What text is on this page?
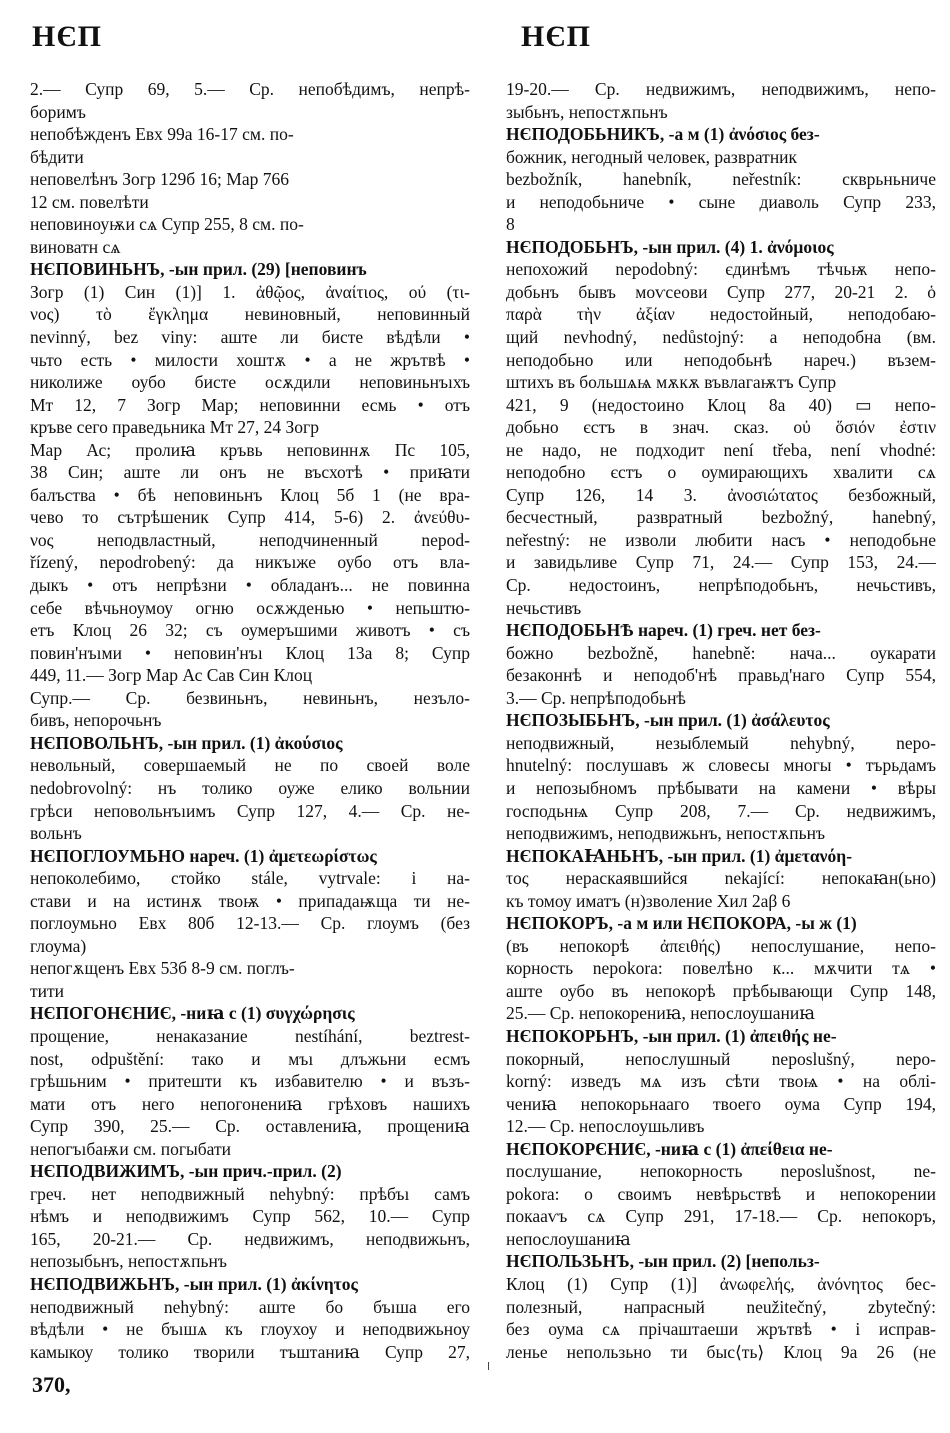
НЄП	НЄП
2.— Супр 69, 5.— Ср. непобѣдимъ, непрѣ-
боримъ
непобѣжденъ Евх 99а 16-17 см. по-
бѣдити
неповелѣнъ Зогр 129б 16; Мар 766
12 см. повелѣти
неповиноуѭи сѧ Супр 255, 8 см. по-
виноватн сѧ
НЄПОВИНЬНЪ, -ын прил. (29) [неповинъ
Зогр (1) Син (1)] 1. ἀθῷος, ἀναίτιος, ού (τι-
νος) τὸ ἔγκλημα невиновный, неповинный
nevinný, bez viny: аште ли бисте вѣдѣли •
чьто есть • милости хоштѫ • а не жрътвѣ •
николиже оубо бисте осѫдили неповиньнъıхъ
Мт 12, 7 Зогр Мар; неповинни есмь • отъ
кръве сего праведьника Мт 27, 24 Зогр
Мар Ас; пролиꙗ кръвь неповиннѫ Пс 105,
38 Син; аште ли онъ не въсхотѣ • приꙗти
балъства • бѣ неповиньнъ Клоц 5б 1 (не вра-
чево то сътрѣшеник Супр 414, 5-6) 2. ἀνεύθυ-
νος неподвластный, неподчиненный nepod-
řízený, nepodrobený: да никъıже оубо отъ вла-
дыкъ • отъ непрѣзни • обладанъ... не повинна
себе вѣчьноумоу огню осѫжденью • непьштю-
етъ Клоц 26 32; съ оумеръшими животъ • съ
повин'нъıми • неповин'нъı Клоц 13а 8; Супр
449, 11.— Зогр Мар Ас Сав Син Клоц
Супр.— Ср. безвиньнъ, невиньнъ, незъло-
бивъ, непорочьнъ
НЄПОВОЛЬНЪ, -ын прил. (1) ἀκούσιος
невольный, совершаемый не по своей воле
nedobrovolný: нъ толико оуже елико вольнии
грѣси неповольнъıимъ Супр 127, 4.— Ср. не-
вольнъ
НЄПОГЛОУМЬНО нареч. (1) ἀμετεωρίστως
непоколебимо, стойко stále, vytrvale: і на-
стави и на истинѫ твоѭ • припадаѭща ти не-
поглоумьно Евх 80б 12-13.— Ср. глоумъ (без
глоума)
непогѫщенъ Евх 53б 8-9 см. поглъ-
тити
НЄПОГОНЄНИЄ, -ниꙗ с (1) συγχώρησις
прощение, ненаказание nestíhání, beztrest-
nost, odpuštění: тако и мъı длъжьни есмъ
грѣшьним • притешти къ избавителю • и възъ-
мати отъ него непогонениꙗ грѣховъ нашихъ
Супр 390, 25.— Ср. оставлениꙗ, прощениꙗ
непогъıбаѭи см. погыбати
НЄПОДВИЖИМЪ, -ын прич.-прил. (2)
греч. нет неподвижный nehybný: прѣбъı самъ
нѣмъ и неподвижимъ Супр 562, 10.— Супр
165, 20-21.— Ср. недвижимъ, неподвижьнъ,
непозыбьнъ, непостѫпьнъ
НЄПОДВИЖЬНЪ, -ын прил. (1) ἀκίνητος
неподвижный nehybný: аште бо бъıша его
вѣдѣли • не бъıшѧ къ глоухоу и неподвижьноу
камыкоу толико творили тъштаниꙗ Супр 27,
19-20.— Ср. недвижимъ, неподвижимъ, непо-
зыбьнъ, непостѫпьнъ
НЄПОДОБЬНИКЪ, -а м (1) ἀνόσιος без-
божник, негодный человек, развратник
bezbožník, hanebník, neřestník: скврьньниче
и неподобьниче • сыне диаволь Супр 233,
8
НЄПОДОБЬНЪ, -ын прил. (4) 1. ἀνόμοιος
непохожий nepodobný: єдинѣмъ тѣчьѭ непо-
добьнъ бывъ моѵсеови Супр 277, 20-21 2. ὁ
παρὰ τὴν ἀξίαν недостойный, неподобаю-
щий nevhodný, nedůstojný: а неподобна (вм.
неподобьно или неподобьнѣ нареч.) възем-
штихъ въ большѧѩ мѫкѫ въвлагаѭтъ Супр
421, 9 (недостоино Клоц 8а 40) ▭ непо-
добьно єстъ в знач. сказ. οὐ ὅσιόν ἐστιν
не надо, не подходит není třeba, není vhodné:
неподобно єстъ о оумирающихъ хвалити сѧ
Супр 126, 14 3. ἀνοσιώτατος безбожный,
бесчестный, развратный bezbožný, hanebný,
neřestný: не изволи любити насъ • неподобьне
и завидьливе Супр 71, 24.— Супр 153, 24.—
Ср. недостоинъ, непрѣподобьнъ, нечьстивъ,
нечьстивъ
НЄПОДОБЬНѢ нареч. (1) греч. нет без-
божно bezbožně, hanebně: нача... оукарати
безаконнѣ и неподоб'нѣ правьд'наго Супр 554,
3.— Ср. непрѣподобьнѣ
НЄПОЗЫБЬНЪ, -ын прил. (1) ἀσάλευτος
неподвижный, незыблемый nehybný, nepo-
hnutelný: послушавъ ж словесы многы • търьдамъ
и непозыбномъ прѣбывати на камени • вѣры
господьнѩ Супр 208, 7.— Ср. недвижимъ,
неподвижимъ, неподвижьнъ, непостѫпьнъ
НЄПОКАꙖНЬНЪ, -ын прил. (1) ἀμετανόη-
τος нераскаявшийся nekající: непокаꙗн(ьно)
къ томоу иматъ (н)зволение Хил 2аβ 6
НЄПОКОРЪ, -а м или НЄПОКОРА, -ы ж (1)
(въ непокорѣ ἀπειθής) непослушание, непо-
корность nepokora: повелѣно к... мѫчити тѧ •
аште оубо въ непокорѣ прѣбывающи Супр 148,
25.— Ср. непокорениꙗ, непослоушаниꙗ
НЄПОКОРЬНЪ, -ын прил. (1) ἀπειθής не-
покорный, непослушный neposlušný, nepo-
korný: изведъ мѧ изъ сѣти твоѩ • на облi-
чениꙗ непокорьнааго твоего оума Супр 194,
12.— Ср. непослоушьливъ
НЄПОКОРЄНИЄ, -ниꙗ с (1) ἀπείθεια не-
послушание, непокорность neposlušnost, ne-
pokora: о своимъ невѣрьствѣ и непокорении
покааѵъ сѧ Супр 291, 17-18.— Ср. непокоръ,
непослоушаниꙗ
НЄПОЛЬЗЬНЪ, -ын прил. (2) [непольз-
Клоц (1) Супр (1)] ἀνωφελής, ἀνόνητος бес-
полезный, напрасный neužitečný, zbytečný:
без оума сѧ прiчаштаеши жрътвѣ • і исправ-
ленье непользьно ти быс⟨ть⟩ Клоц 9а 26 (не
370,
